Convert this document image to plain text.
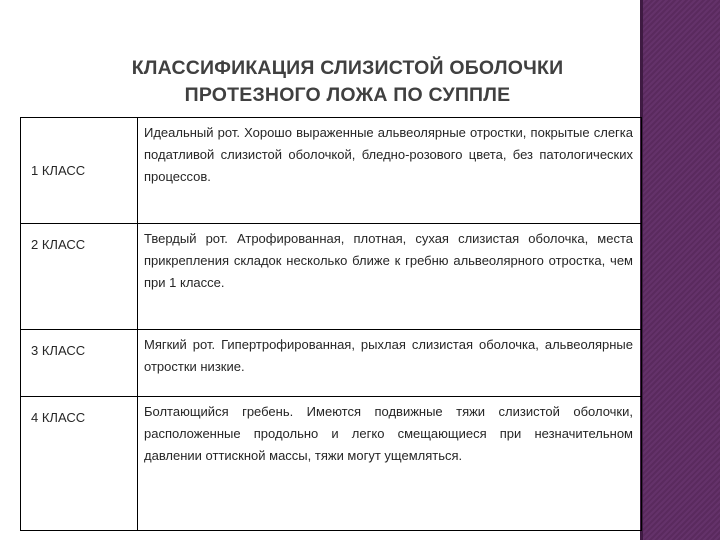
КЛАССИФИКАЦИЯ СЛИЗИСТОЙ ОБОЛОЧКИ
ПРОТЕЗНОГО ЛОЖА ПО СУППЛЕ
1 КЛАСС	Идеальный рот. Хорошо выраженные альвеолярные отростки, покрытые слегка податливой слизистой оболочкой, бледно-розового цвета, без патологических процессов.
2 КЛАСС	Твердый рот. Атрофированная, плотная, сухая слизистая оболочка, места прикрепления складок несколько ближе к гребню альвеолярного отростка, чем при 1 классе.
3 КЛАСС	Мягкий рот. Гипертрофированная, рыхлая слизистая оболочка, альвеолярные отростки низкие.
4 КЛАСС	Болтающийся гребень. Имеются подвижные тяжи слизистой оболочки, расположенные продольно и легко смещающиеся при незначительном давлении оттискной массы, тяжи могут ущемляться.
